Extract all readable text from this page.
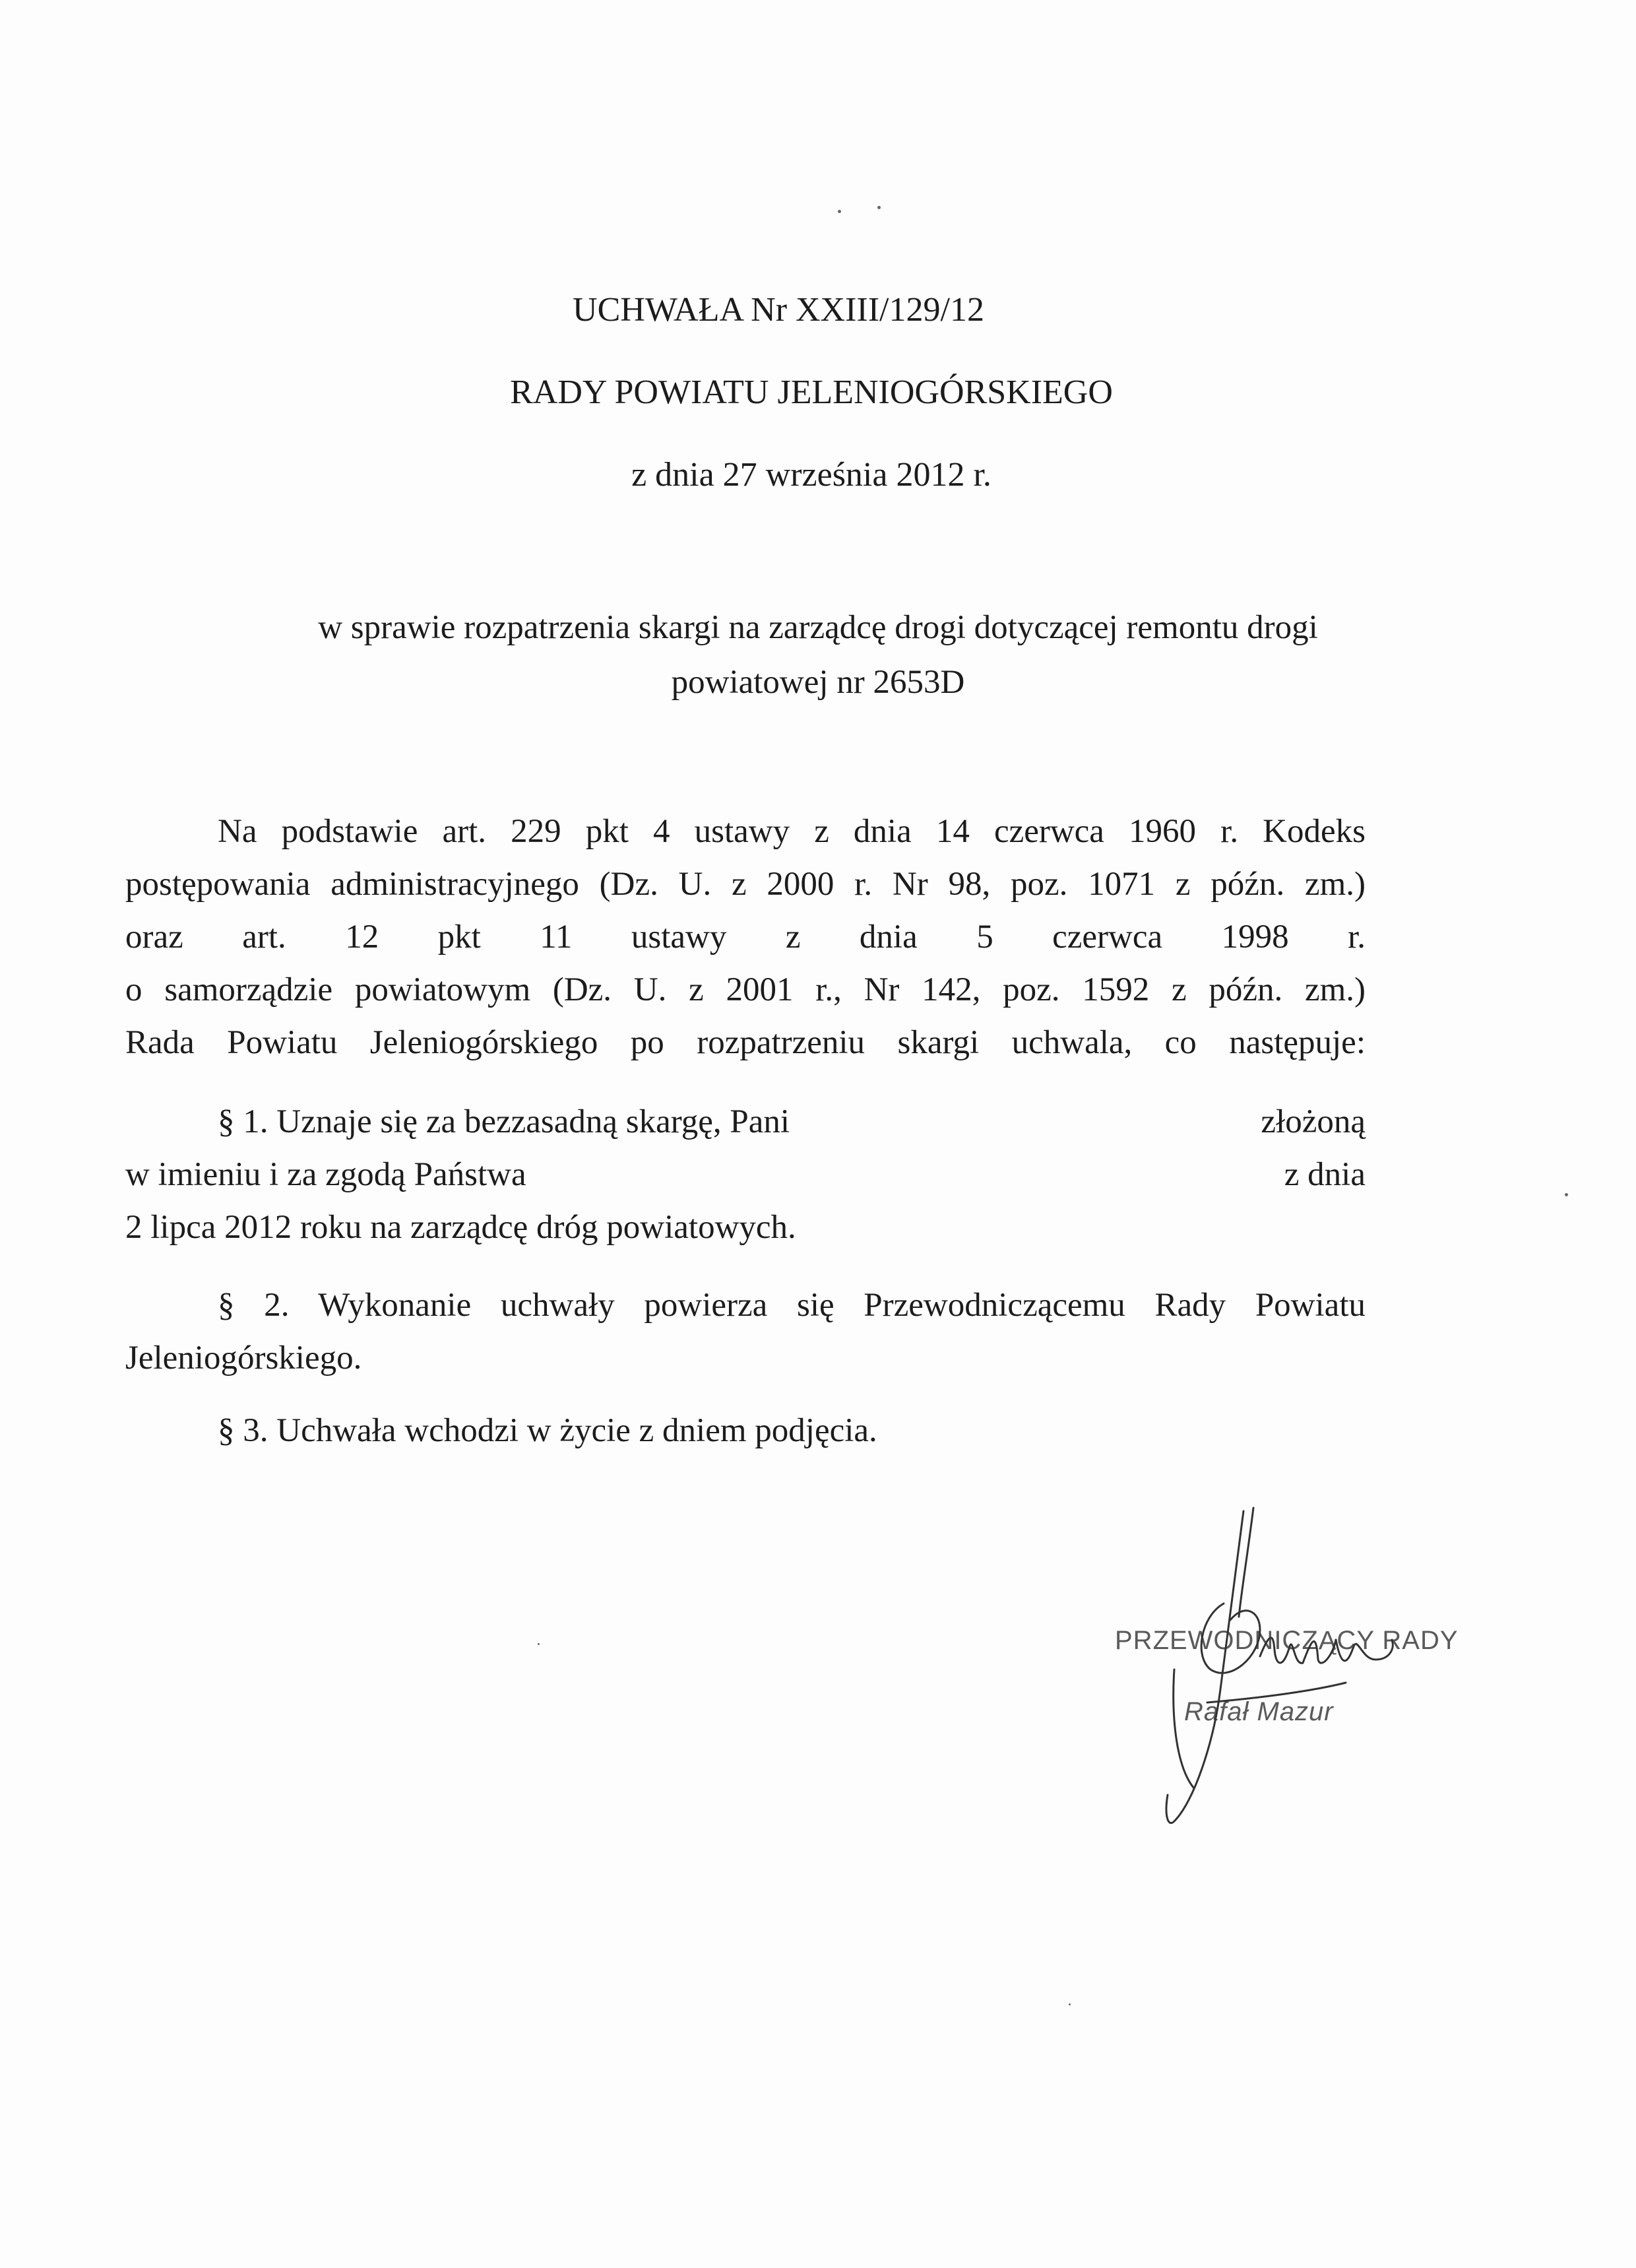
UCHWAŁA Nr XXIII/129/12
RADY POWIATU JELENIOGÓRSKIEGO
z dnia 27 września 2012 r.
w sprawie rozpatrzenia skargi na zarządcę drogi dotyczącej remontu drogi
powiatowej nr 2653D
Na podstawie art. 229 pkt 4 ustawy z dnia 14 czerwca 1960 r. Kodeks
postępowania administracyjnego (Dz. U. z 2000 r. Nr 98, poz. 1071 z późn. zm.)
oraz art. 12 pkt 11 ustawy z dnia 5 czerwca 1998 r.
o samorządzie powiatowym (Dz. U. z 2001 r., Nr 142, poz. 1592 z późn. zm.)
Rada Powiatu Jeleniogórskiego po rozpatrzeniu skargi uchwala, co następuje:
§ 1. Uznaje się za bezzasadną skargę, Pani	złożoną
w imieniu i za zgodą Państwa	z dnia
2 lipca 2012 roku na zarządcę dróg powiatowych.
§ 2. Wykonanie uchwały powierza się Przewodniczącemu Rady Powiatu
Jeleniogórskiego.
§ 3. Uchwała wchodzi w życie z dniem podjęcia.
PRZEWODNICZĄCY RADY
Rafał Mazur
